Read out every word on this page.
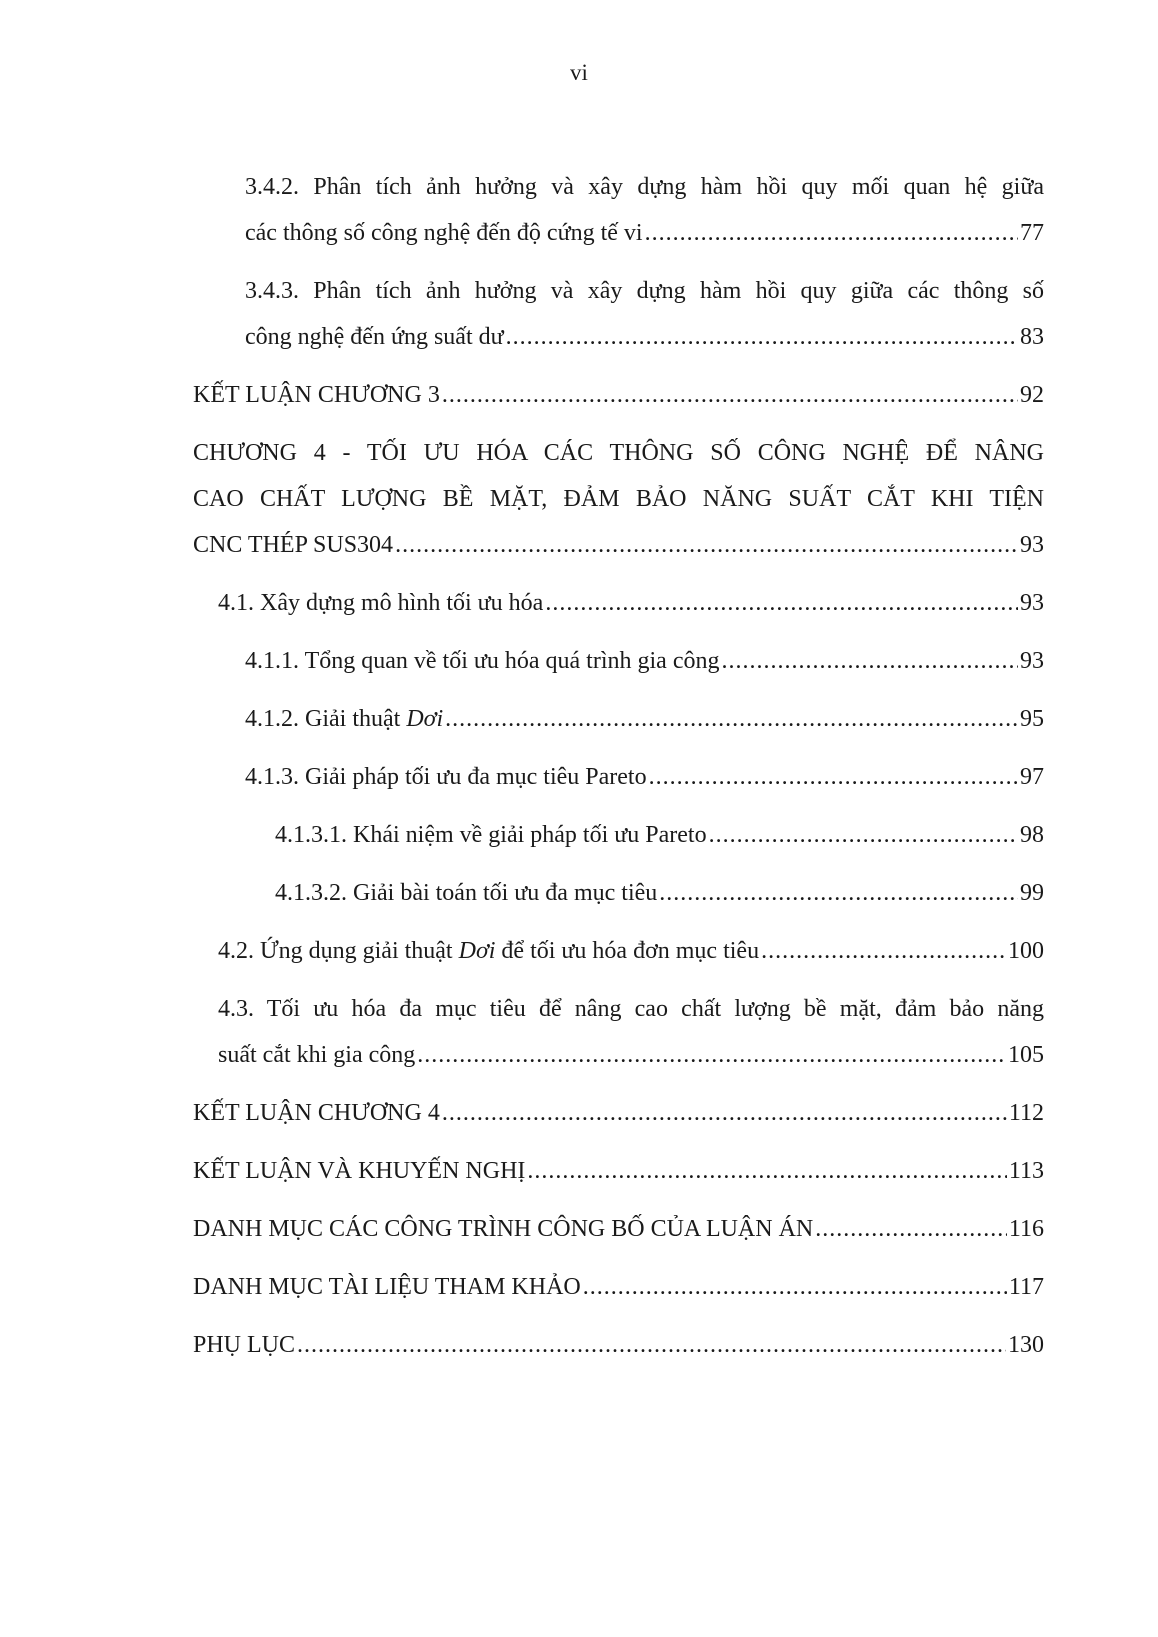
vi
3.4.2. Phân tích ảnh hưởng và xây dựng hàm hồi quy mối quan hệ giữa
các thông số công nghệ đến độ cứng tế vi .....	77
3.4.3. Phân tích ảnh hưởng và xây dựng hàm hồi quy giữa các thông số
công nghệ đến ứng suất dư .....	83
KẾT LUẬN CHƯƠNG 3 .....	92
CHƯƠNG 4 - TỐI ƯU HÓA CÁC THÔNG SỐ CÔNG NGHỆ ĐỂ NÂNG
CAO CHẤT LƯỢNG BỀ MẶT, ĐẢM BẢO NĂNG SUẤT CẮT KHI TIỆN
CNC THÉP SUS304 .....	93
4.1. Xây dựng mô hình tối ưu hóa .....	93
4.1.1. Tổng quan về tối ưu hóa quá trình gia công .....	93
4.1.2. Giải thuật Dơi .....	95
4.1.3. Giải pháp tối ưu đa mục tiêu Pareto .....	97
4.1.3.1. Khái niệm về giải pháp tối ưu Pareto .....	98
4.1.3.2. Giải bài toán tối ưu đa mục tiêu .....	99
4.2. Ứng dụng giải thuật Dơi để tối ưu hóa đơn mục tiêu .....	100
4.3. Tối ưu hóa đa mục tiêu để nâng cao chất lượng bề mặt, đảm bảo năng
suất cắt khi gia công .....	105
KẾT LUẬN CHƯƠNG 4 .....	112
KẾT LUẬN VÀ KHUYẾN NGHỊ .....	113
DANH MỤC CÁC CÔNG TRÌNH CÔNG BỐ CỦA LUẬN ÁN .....	116
DANH MỤC TÀI LIỆU THAM KHẢO .....	117
PHỤ LỤC .....	130
